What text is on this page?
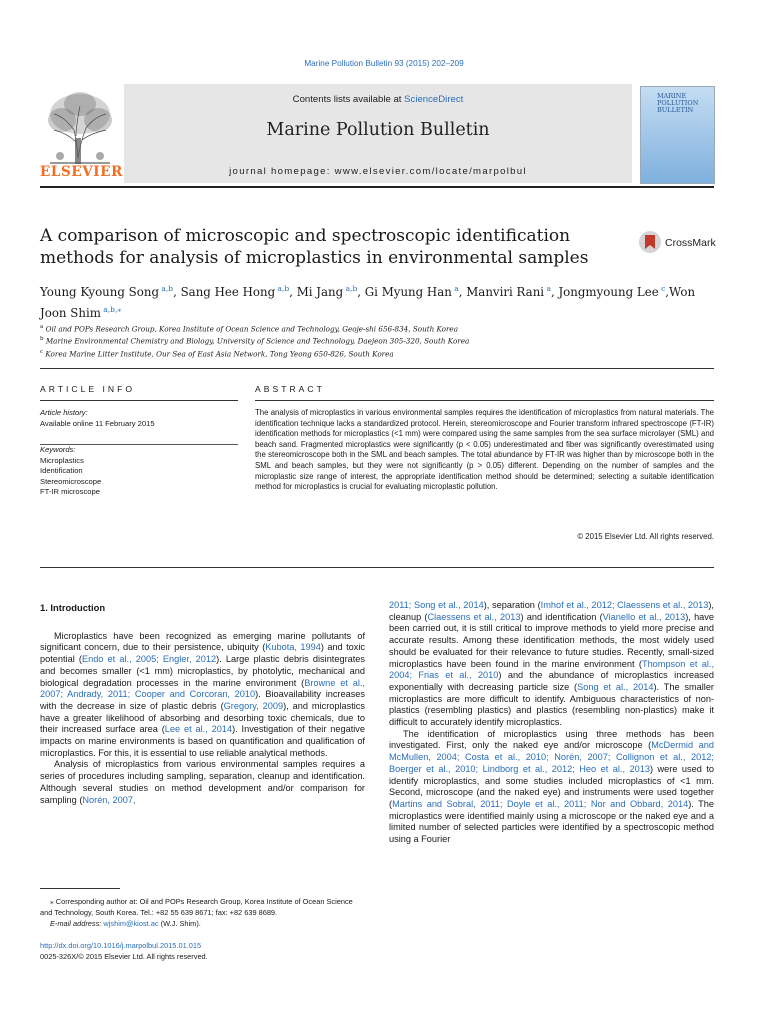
Marine Pollution Bulletin 93 (2015) 202–209
Contents lists available at ScienceDirect
Marine Pollution Bulletin
journal homepage: www.elsevier.com/locate/marpolbul
ELSEVIER
MARINE POLLUTION BULLETIN
A comparison of microscopic and spectroscopic identification methods for analysis of microplastics in environmental samples
CrossMark
Young Kyoung Song $^{a,b}$, Sang Hee Hong $^{a,b}$, Mi Jang $^{a,b}$, Gi Myung Han $^a$, Manviri Rani $^a$, Jongmyoung Lee $^c$,Won Joon Shim $^{a,b,⁎}$
$^a$ Oil and POPs Research Group, Korea Institute of Ocean Science and Technology, Geoje-shi 656-834, South Korea
$^b$ Marine Environmental Chemistry and Biology, University of Science and Technology, Daejeon 305-320, South Korea
$^c$ Korea Marine Litter Institute, Our Sea of East Asia Network, Tong Yeong 650-826, South Korea
ARTICLE INFO	ABSTRACT
Article history:
Available online 11 February 2015
Keywords:
Microplastics
Identification
Stereomicroscope
FT-IR microscope
The analysis of microplastics in various environmental samples requires the identification of microplastics from natural materials. The identification technique lacks a standardized protocol. Herein, stereomicroscope and Fourier transform infrared spectroscope (FT-IR) identification methods for microplastics (<1 mm) were compared using the same samples from the sea surface microlayer (SML) and beach sand. Fragmented microplastics were significantly (p < 0.05) underestimated and fiber was significantly overestimated using the stereomicroscope both in the SML and beach samples. The total abundance by FT-IR was higher than by microscope both in the SML and beach samples, but they were not significantly (p > 0.05) different. Depending on the number of samples and the microplastic size range of interest, the appropriate identification method should be determined; selecting a suitable identification method for microplastics is crucial for evaluating microplastic pollution.
© 2015 Elsevier Ltd. All rights reserved.
1. Introduction

Microplastics have been recognized as emerging marine pollutants of significant concern, due to their persistence, ubiquity (Kubota, 1994) and toxic potential (Endo et al., 2005; Engler, 2012). Large plastic debris disintegrates and becomes smaller (<1 mm) microplastics, by photolytic, mechanical and biological degradation processes in the marine environment (Browne et al., 2007; Andrady, 2011; Cooper and Corcoran, 2010). Bioavailability increases with the decrease in size of plastic debris (Gregory, 2009), and microplastics have a greater likelihood of absorbing and desorbing toxic chemicals, due to their increased surface area (Lee et al., 2014). Investigation of their negative impacts on marine environments is based on quantification and qualification of microplastics. For this, it is essential to use reliable analytical methods.

Analysis of microplastics from various environmental samples requires a series of procedures including sampling, separation, cleanup and identification. Although several studies on method development and/or comparison for sampling (Norén, 2007,

2011; Song et al., 2014), separation (Imhof et al., 2012; Claessens et al., 2013), cleanup (Claessens et al., 2013) and identification (Vianello et al., 2013), have been carried out, it is still critical to improve methods to yield more precise and accurate results. Among these identification methods, the most widely used should be evaluated for their relevance to future studies. Recently, small-sized microplastics have been found in the marine environment (Thompson et al., 2004; Frias et al., 2010) and the abundance of microplastics increased exponentially with decreasing particle size (Song et al., 2014). The smaller microplastics are more difficult to identify. Ambiguous characteristics of non-plastics (resembling plastics) and plastics (resembling non-plastics) make it difficult to accurately identify microplastics.

The identification of microplastics using three methods has been investigated. First, only the naked eye and/or microscope (McDermid and McMullen, 2004; Costa et al., 2010; Norén, 2007; Collignon et al., 2012; Boerger et al., 2010; Lindborg et al., 2012; Heo et al., 2013) were used to identify microplastics, and some studies included microplastics of <1 mm. Second, microscope (and the naked eye) and instruments were used together (Martins and Sobral, 2011; Doyle et al., 2011; Nor and Obbard, 2014). The microplastics were identified mainly using a microscope or the naked eye and a limited number of selected particles were identified by a spectroscopic method using a Fourier

⁎ Corresponding author at: Oil and POPs Research Group, Korea Institute of Ocean Science and Technology, South Korea. Tel.: +82 55 639 8671; fax: +82 639 8689.
E-mail address: wjshim@kiost.ac (W.J. Shim).
http://dx.doi.org/10.1016/j.marpolbul.2015.01.015
0025-326X/© 2015 Elsevier Ltd. All rights reserved.
